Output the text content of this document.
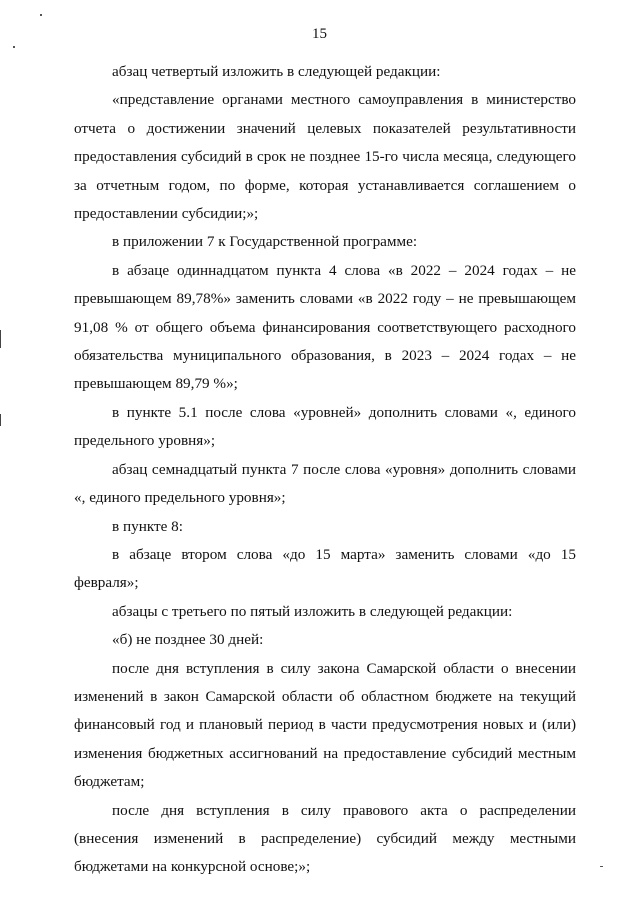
15

абзац четвертый изложить в следующей редакции:

«представление органами местного самоуправления в министерство отчета о достижении значений целевых показателей результативности предоставления субсидий в срок не позднее 15-го числа месяца, следующего за отчетным годом, по форме, которая устанавливается соглашением о предоставлении субсидии;»;

в приложении 7 к Государственной программе:

в абзаце одиннадцатом пункта 4 слова «в 2022 – 2024 годах – не превышающем 89,78%» заменить словами «в 2022 году – не превышающем 91,08 % от общего объема финансирования соответствующего расходного обязательства муниципального образования, в 2023 – 2024 годах – не превышающем 89,79 %»;

в пункте 5.1 после слова «уровней» дополнить словами «, единого предельного уровня»;

абзац семнадцатый пункта 7 после слова «уровня» дополнить словами «, единого предельного уровня»;

в пункте 8:

в абзаце втором слова «до 15 марта» заменить словами «до 15 февраля»;

абзацы с третьего по пятый изложить в следующей редакции:

«б) не позднее 30 дней:

после дня вступления в силу закона Самарской области о внесении изменений в закон Самарской области об областном бюджете на текущий финансовый год и плановый период в части предусмотрения новых и (или) изменения бюджетных ассигнований на предоставление субсидий местным бюджетам;

после дня вступления в силу правового акта о распределении (внесения изменений в распределение) субсидий между местными бюджетами на конкурсной основе;»;
